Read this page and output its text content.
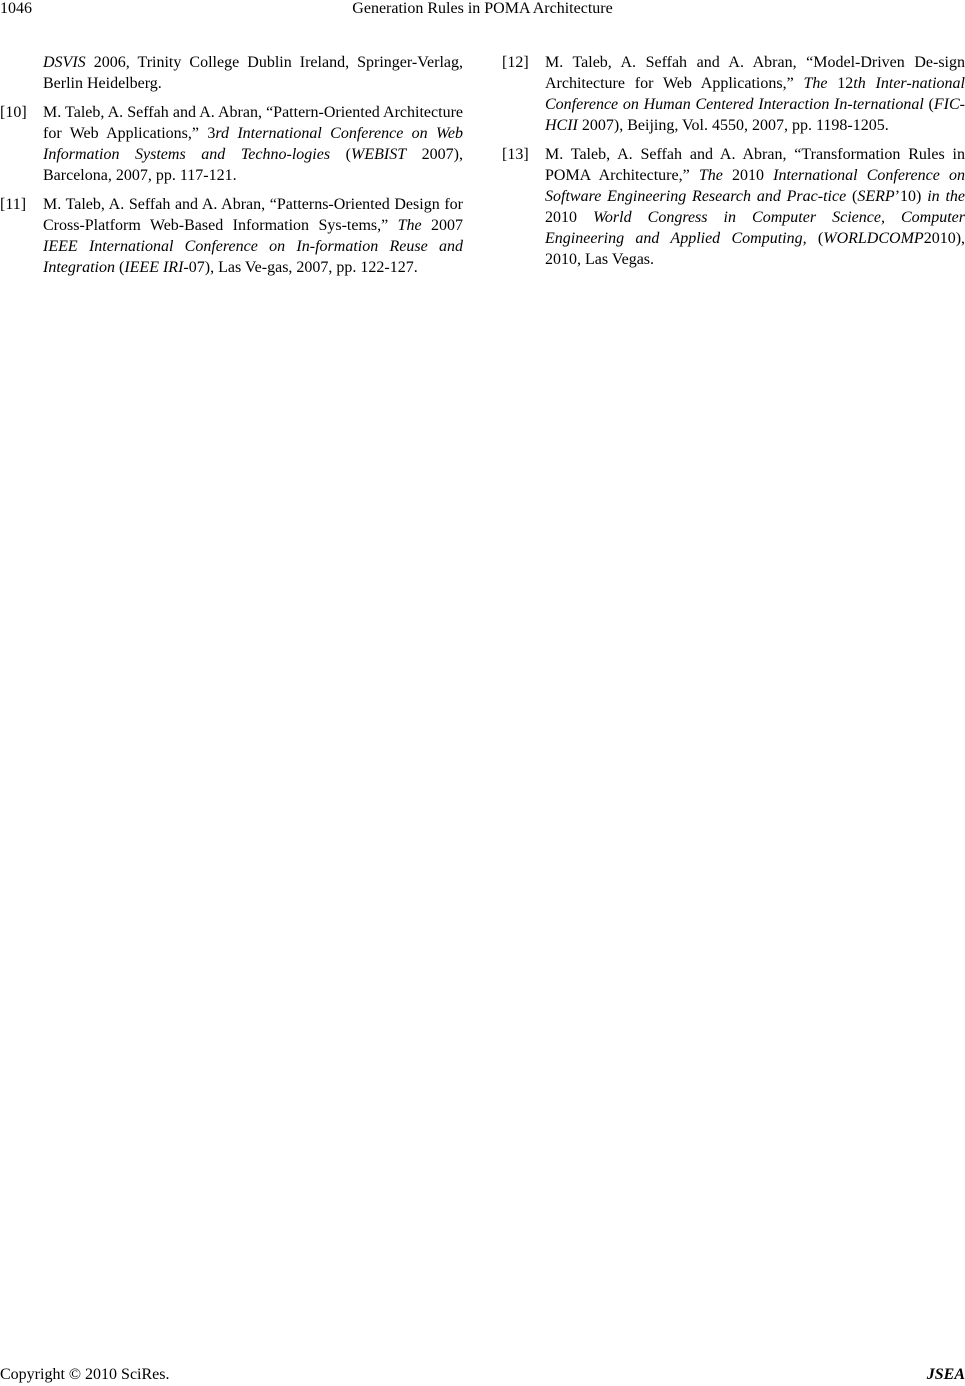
1046	Generation Rules in POMA Architecture
DSVIS 2006, Trinity College Dublin Ireland, Springer-Verlag, Berlin Heidelberg.
[10] M. Taleb, A. Seffah and A. Abran, “Pattern-Oriented Architecture for Web Applications,” 3rd International Conference on Web Information Systems and Techno-logies (WEBIST 2007), Barcelona, 2007, pp. 117-121.
[11] M. Taleb, A. Seffah and A. Abran, “Patterns-Oriented Design for Cross-Platform Web-Based Information Sys-tems,” The 2007 IEEE International Conference on In-formation Reuse and Integration (IEEE IRI-07), Las Ve-gas, 2007, pp. 122-127.
[12] M. Taleb, A. Seffah and A. Abran, “Model-Driven De-sign Architecture for Web Applications,” The 12th Inter-national Conference on Human Centered Interaction In-ternational (FIC-HCII 2007), Beijing, Vol. 4550, 2007, pp. 1198-1205.
[13] M. Taleb, A. Seffah and A. Abran, “Transformation Rules in POMA Architecture,” The 2010 International Conference on Software Engineering Research and Prac-tice (SERP’10) in the 2010 World Congress in Computer Science, Computer Engineering and Applied Computing, (WORLDCOMP2010), 2010, Las Vegas.
Copyright © 2010 SciRes.	JSEA
